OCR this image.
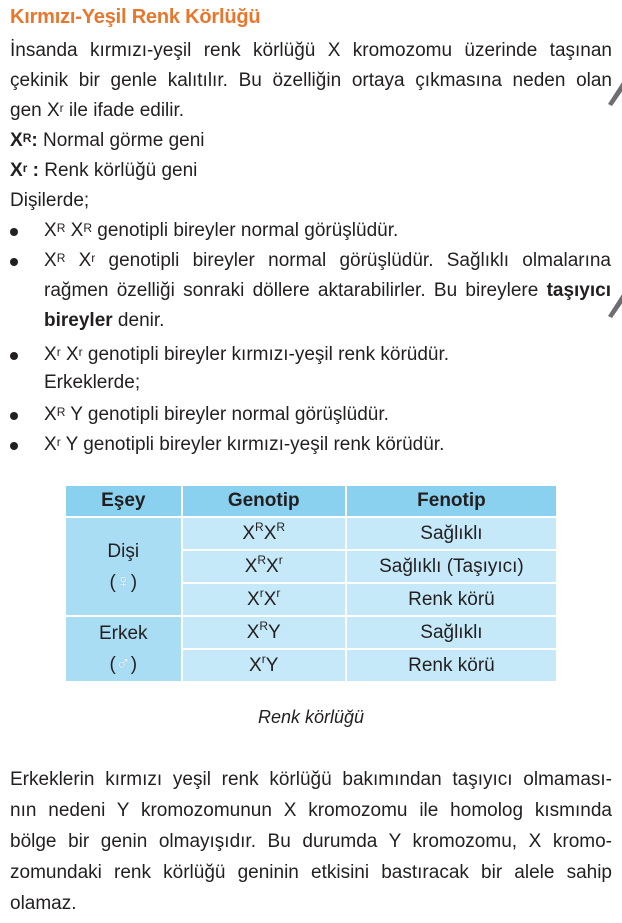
Kırmızı-Yeşil Renk Körlüğü
İnsanda kırmızı-yeşil renk körlüğü X kromozomu üzerinde taşınan
çekinik bir genle kalıtılır. Bu özelliğin ortaya çıkmasına neden olan
gen $X^r$ ile ifade edilir.
$X^R$: Normal görme geni
$X^r$ : Renk körlüğü geni
Dişilerde;
$X^R$ $X^R$ genotipli bireyler normal görüşlüdür.
$X^R$ $X^r$ genotipli bireyler normal görüşlüdür. Sağlıklı olmalarına
rağmen özelliği sonraki döllere aktarabilirler. Bu bireylere taşıyıcı
bireyler denir.
$X^r$ $X^r$ genotipli bireyler kırmızı-yeşil renk körüdür.
Erkeklerde;
$X^R$ Y genotipli bireyler normal görüşlüdür.
$X^r$ Y genotipli bireyler kırmızı-yeşil renk körüdür.
Eşey	Genotip	Fenotip

Dişi
(♀)	$X^RX^R$	Sağlıklı
	$X^RX^r$	Sağlıklı (Taşıyıcı)
	$X^rX^r$	Renk körü

Erkek
(♂)	$X^RY$	Sağlıklı
	$X^rY$	Renk körü
Renk körlüğü
Erkeklerin kırmızı yeşil renk körlüğü bakımından taşıyıcı olmaması-
nın nedeni Y kromozomunun X kromozomu ile homolog kısmında
bölge bir genin olmayışıdır. Bu durumda Y kromozomu, X kromo-
zomundaki renk körlüğü geninin etkisini bastıracak bir alele sahip
olamaz.
